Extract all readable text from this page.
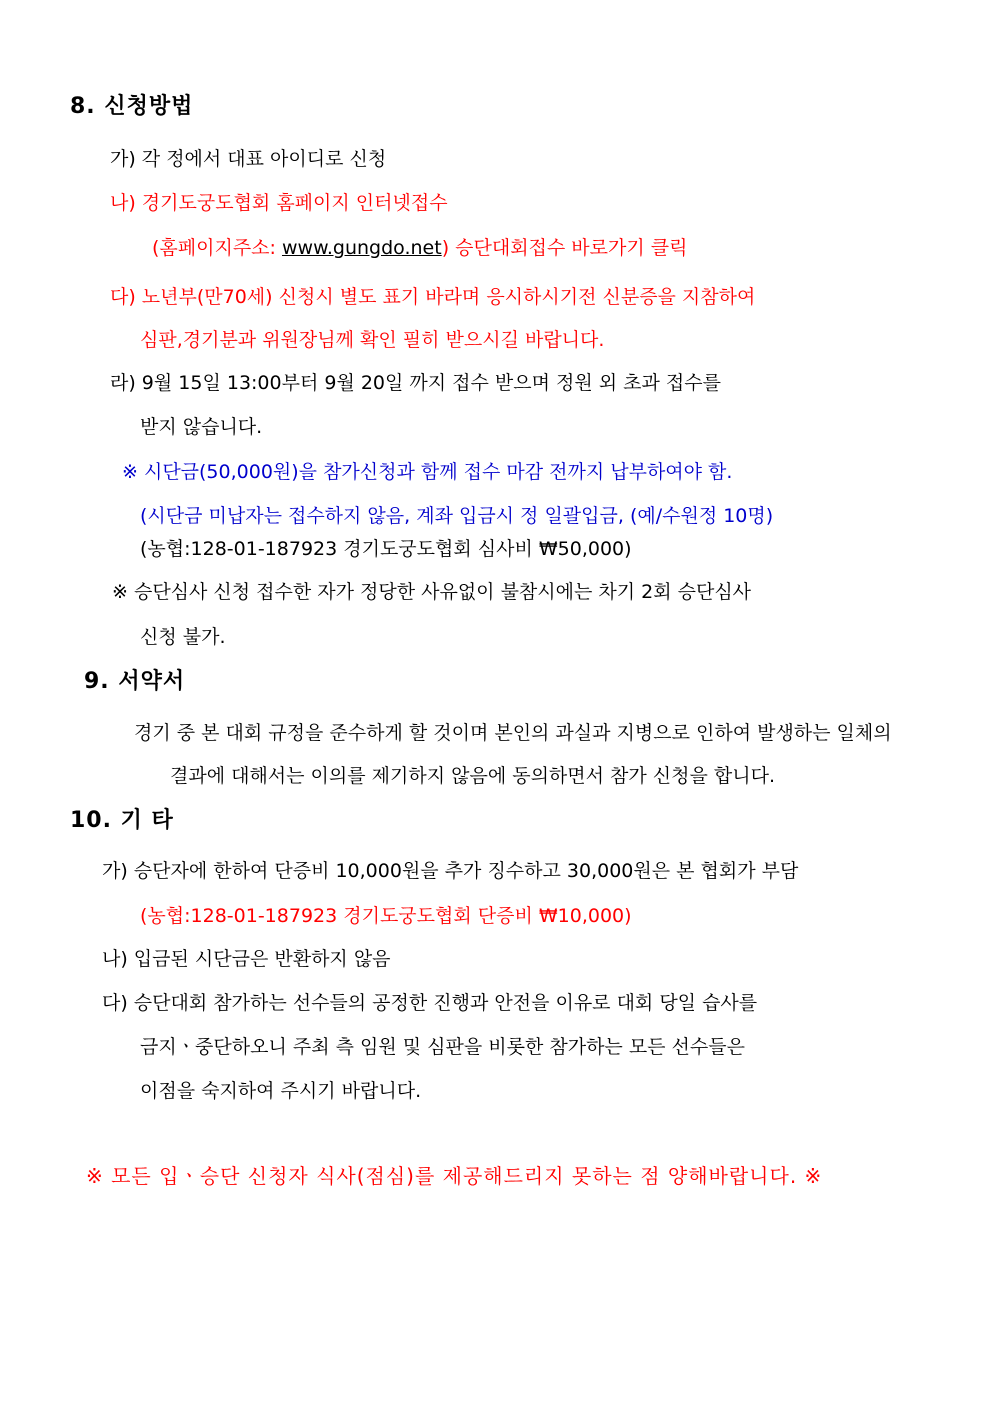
8. 신청방법
가) 각 정에서 대표 아이디로 신청
나) 경기도궁도협회 홈페이지 인터넷접수
(홈페이지주소: www.gungdo.net) 승단대회접수 바로가기 클릭
다) 노년부(만70세) 신청시 별도 표기 바라며 응시하시기전 신분증을 지참하여
심판,경기분과 위원장님께 확인 필히 받으시길 바랍니다.
라) 9월 15일 13:00부터 9월 20일 까지 접수 받으며 정원 외 초과 접수를
받지 않습니다.
※ 시단금(50,000원)을 참가신청과 함께 접수 마감 전까지 납부하여야 함.
(시단금 미납자는 접수하지 않음, 계좌 입금시 정 일괄입금, (예/수원정 10명)
(농협:128-01-187923 경기도궁도협회 심사비 ₩50,000)
※ 승단심사 신청 접수한 자가 정당한 사유없이 불참시에는 차기 2회 승단심사
신청 불가.
9. 서약서
경기 중 본 대회 규정을 준수하게 할 것이며 본인의 과실과 지병으로 인하여 발생하는 일체의
결과에 대해서는 이의를 제기하지 않음에 동의하면서 참가 신청을 합니다.
10. 기 타
가) 승단자에 한하여 단증비 10,000원을 추가 징수하고 30,000원은 본 협회가 부담
(농협:128-01-187923 경기도궁도협회 단증비 ₩10,000)
나) 입금된 시단금은 반환하지 않음
다) 승단대회 참가하는 선수들의 공정한 진행과 안전을 이유로 대회 당일 습사를
금지ㆍ중단하오니 주최 측 임원 및 심판을 비롯한 참가하는 모든 선수들은
이점을 숙지하여 주시기 바랍니다.
※ 모든 입ㆍ승단 신청자 식사(점심)를 제공해드리지 못하는 점 양해바랍니다. ※
